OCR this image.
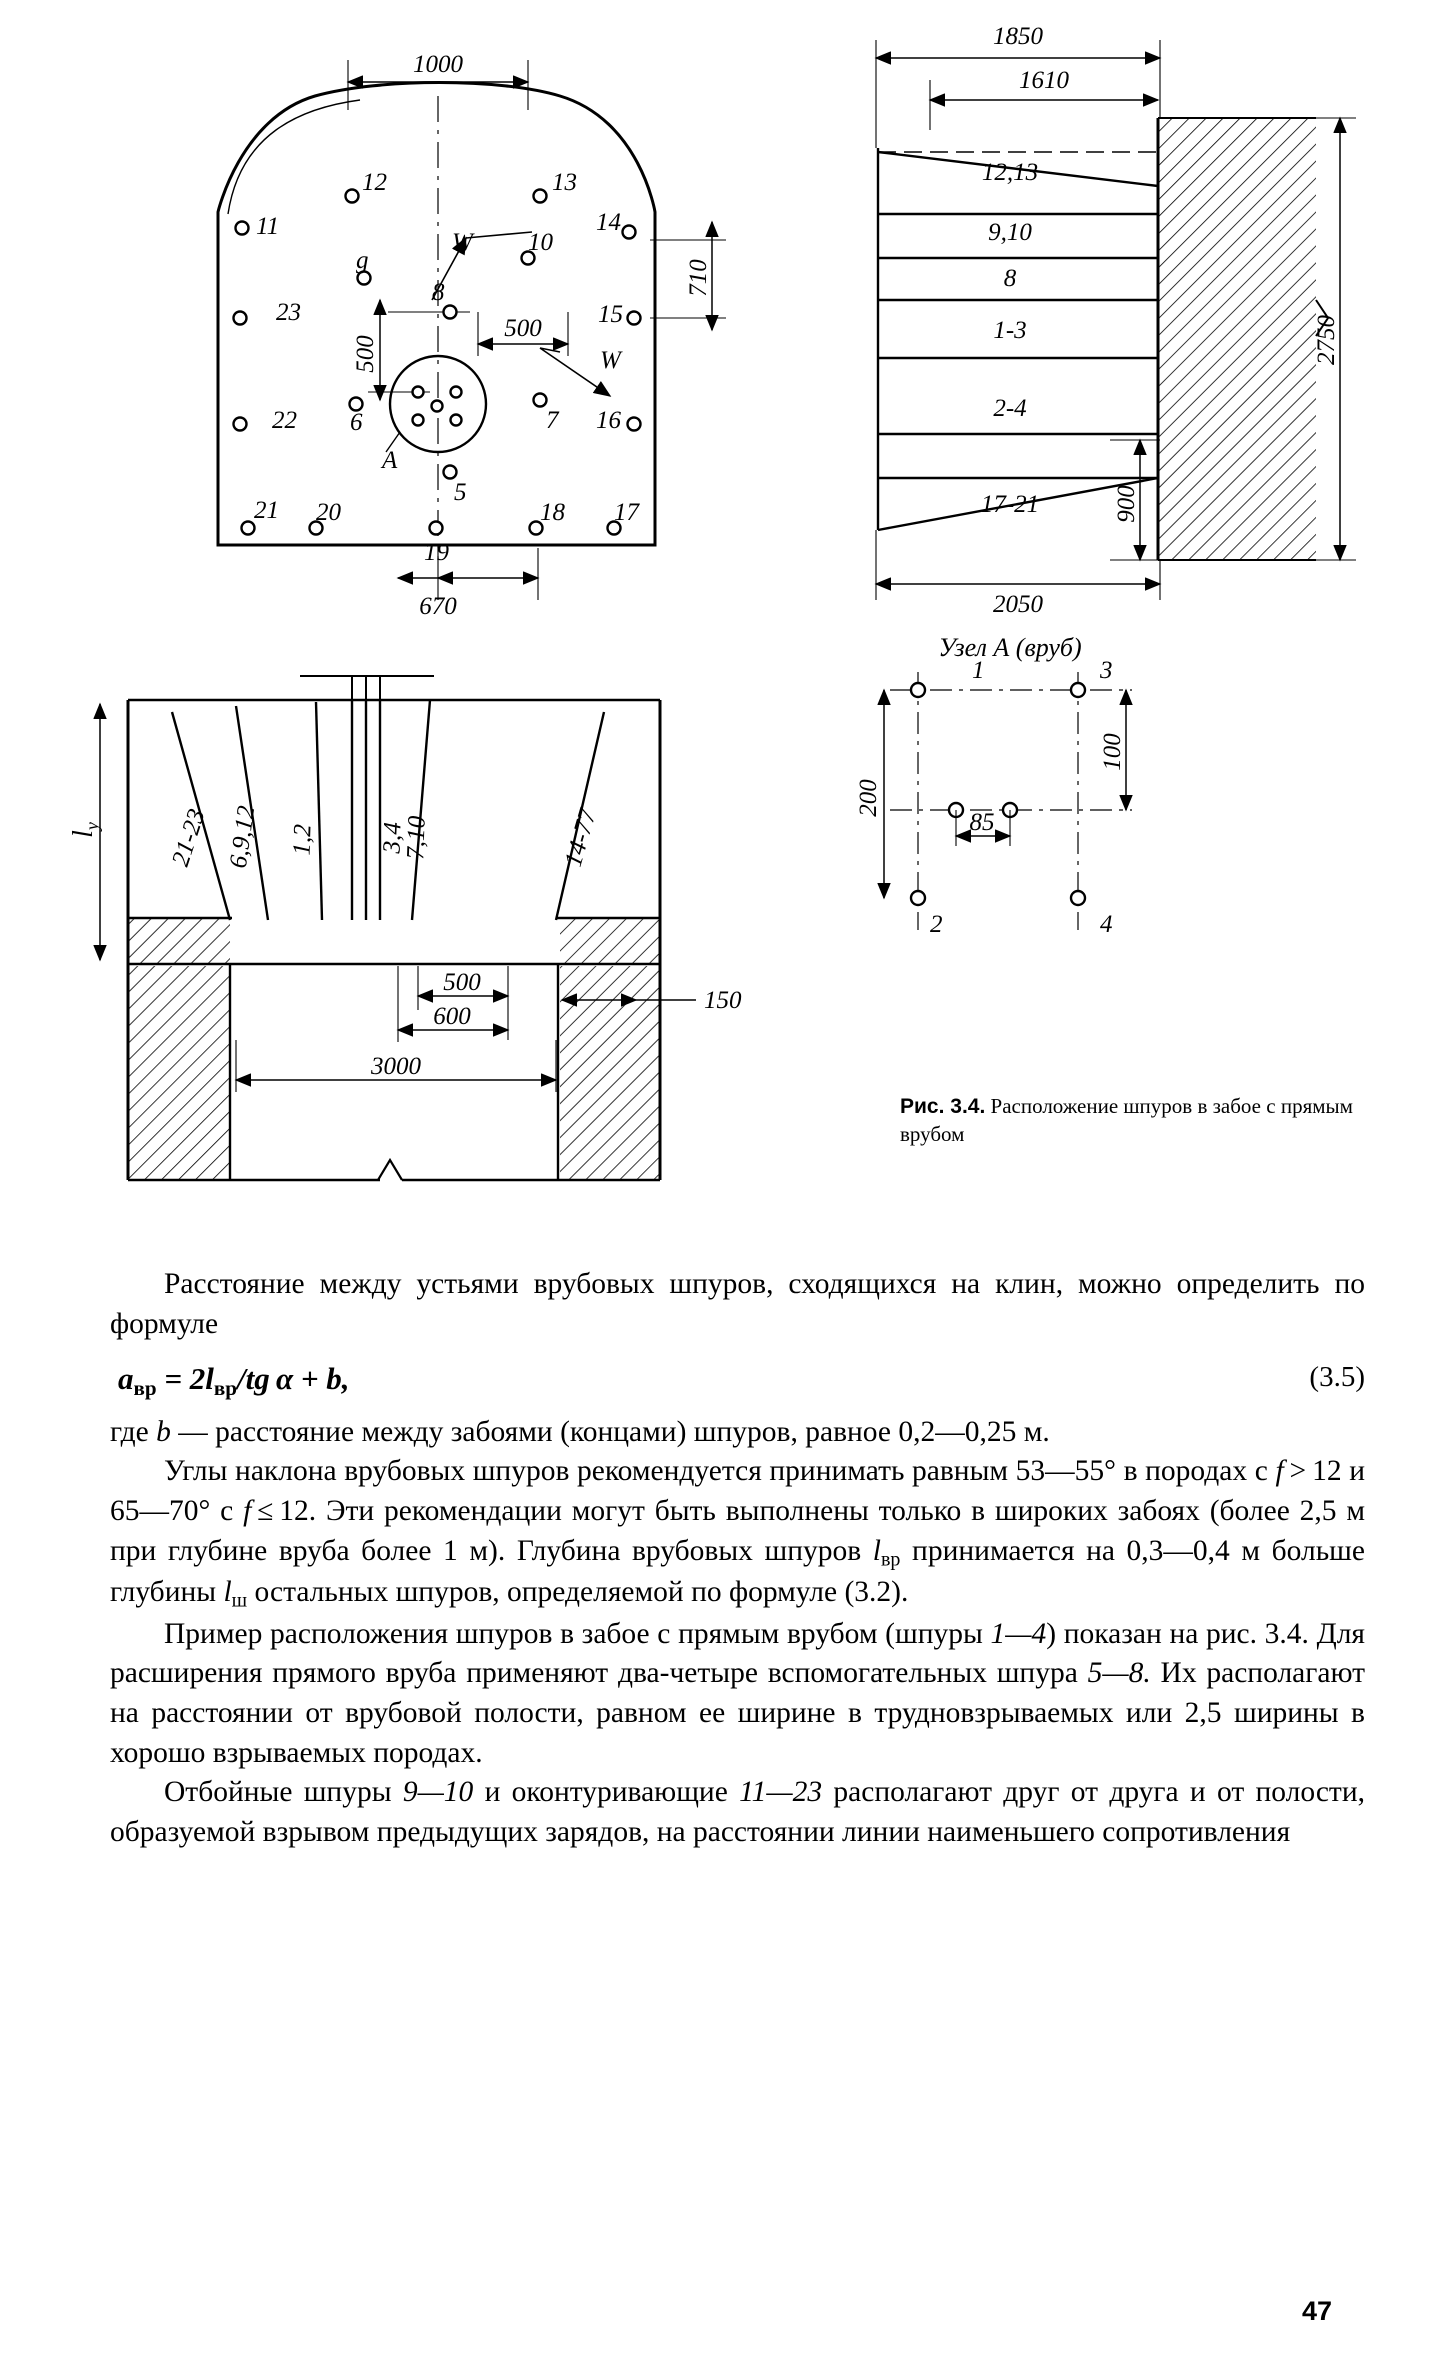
1000
670
710
500
500
W
W
A
11
12	13
14
23	15
22	16
21 20
19
18 17
g
8
10
7
6
5
1850
1610
2050
2750
900
12,13
9,10
8
1-3
2-4
17-21
Узел А (вруб)
1	3
2	4
200
100
85
$l_у$	21-23 6,9,12 1,2 3,4
7,10	14-77
500
600
150
3000
Рис. 3.4. Расположение шпуров в забое с прямым врубом

Расстояние между устьями врубовых шпуров, сходящихся на клин, можно определить по формуле

$a_{вр} = 2l_{вр}/tg$ α + b,	(3.5)

где b — расстояние между забоями (концами) шпуров, равное 0,2—0,25 м.

Углы наклона врубовых шпуров рекомендуется принимать равным 53—55° в породах с f > 12 и 65—70° с f ≤ 12. Эти рекомендации могут быть выполнены только в широких забоях (более 2,5 м при глубине вруба более 1 м). Глубина врубовых шпуров $l_{вр}$ принимается на 0,3—0,4 м больше глубины $l_ш$ остальных шпуров, определяемой по формуле (3.2).

Пример расположения шпуров в забое с прямым врубом (шпуры 1—4) показан на рис. 3.4. Для расширения прямого вруба применяют два-четыре вспомогательных шпура 5—8. Их располагают на расстоянии от врубовой полости, равном ее ширине в трудновзрываемых или 2,5 ширины в хорошо взрываемых породах.

Отбойные шпуры 9—10 и оконтуривающие 11—23 располагают друг от друга и от полости, образуемой взрывом предыдущих зарядов, на расстоянии линии наименьшего сопротивления

47
